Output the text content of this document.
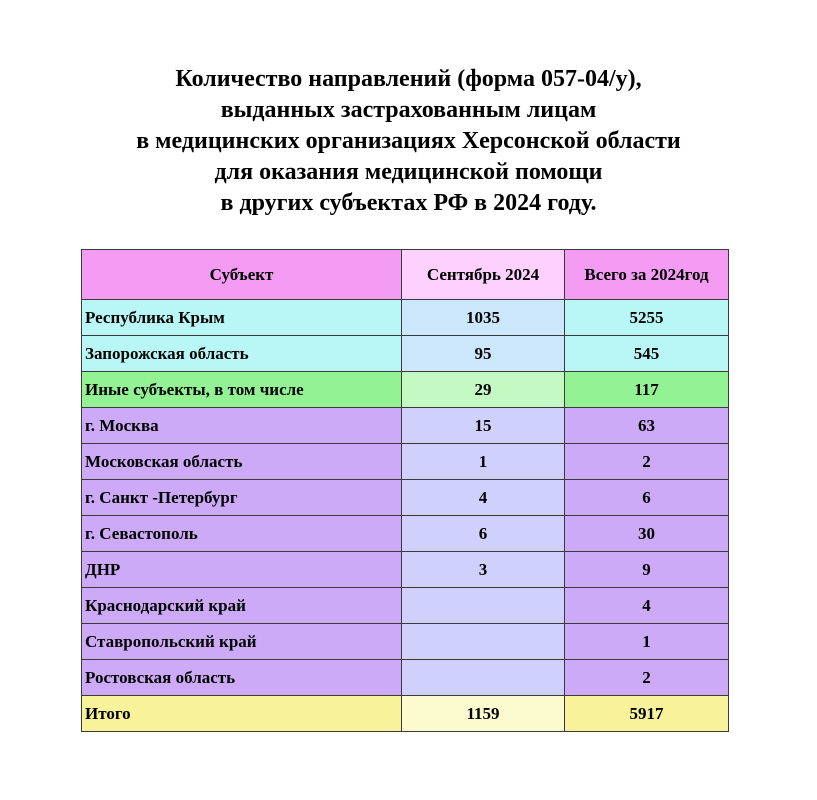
Количество направлений (форма 057-04/у),
выданных застрахованным лицам
в медицинских организациях Херсонской области
для оказания медицинской помощи
в других субъектах РФ в 2024 году.
Субъект	Сентябрь 2024	Всего за 2024год
Республика Крым	1035	5255
Запорожская область	95	545
Иные субъекты, в том числе	29	117
г. Москва	15	63
Московская область	1	2
г. Санкт -Петербург	4	6
г. Севастополь	6	30
ДНР	3	9
Краснодарский край		4
Ставропольский край		1
Ростовская область		2
Итого	1159	5917
